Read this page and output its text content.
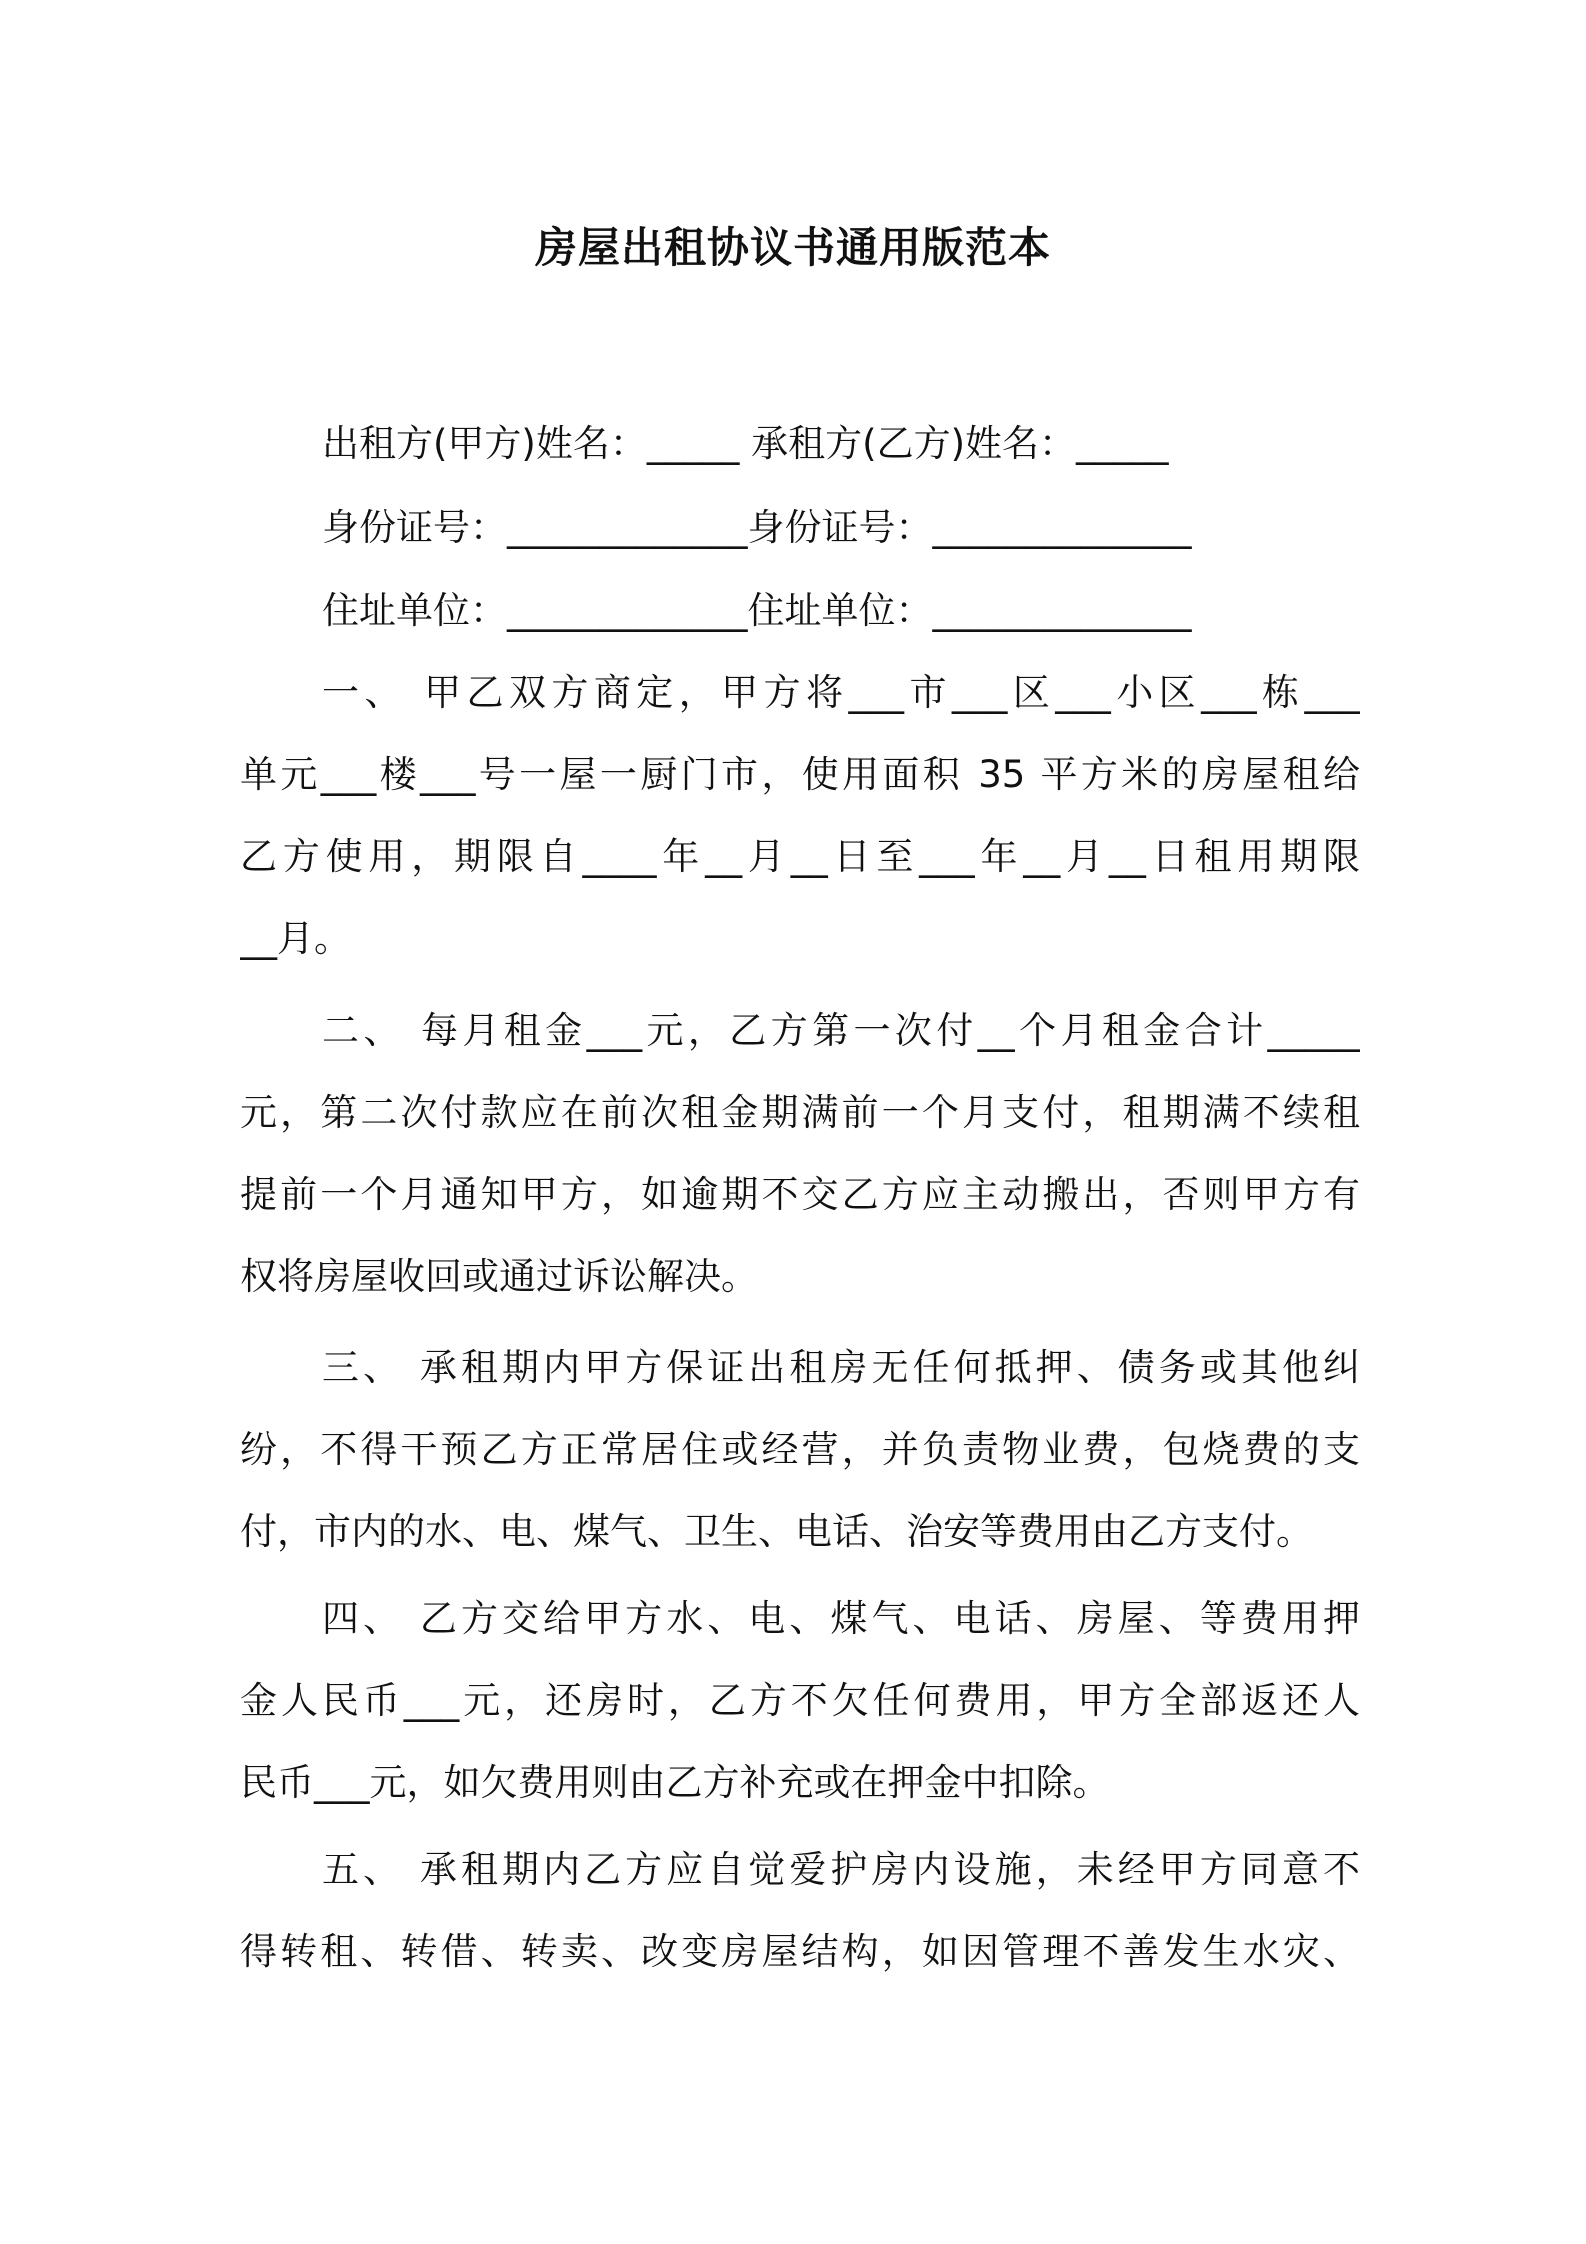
房屋出租协议书通用版范本
出租方(甲方)姓名：_____ 承租方(乙方)姓名：_____
身份证号：_____________身份证号：______________
住址单位：_____________住址单位：______________
一、 甲乙双方商定，甲方将___市___区___小区___栋___
单元___楼___号一屋一厨门市，使用面积 35 平方米的房屋租给
乙方使用，期限自____年__月__日至___年__月__日租用期限
__月。
二、 每月租金___元，乙方第一次付__个月租金合计_____
元，第二次付款应在前次租金期满前一个月支付，租期满不续租
提前一个月通知甲方，如逾期不交乙方应主动搬出，否则甲方有
权将房屋收回或通过诉讼解决。
三、 承租期内甲方保证出租房无任何抵押、债务或其他纠
纷，不得干预乙方正常居住或经营，并负责物业费，包烧费的支
付，市内的水、电、煤气、卫生、电话、治安等费用由乙方支付。
四、 乙方交给甲方水、电、煤气、电话、房屋、等费用押
金人民币___元，还房时，乙方不欠任何费用，甲方全部返还人
民币___元，如欠费用则由乙方补充或在押金中扣除。
五、 承租期内乙方应自觉爱护房内设施，未经甲方同意不
得转租、转借、转卖、改变房屋结构，如因管理不善发生水灾、
